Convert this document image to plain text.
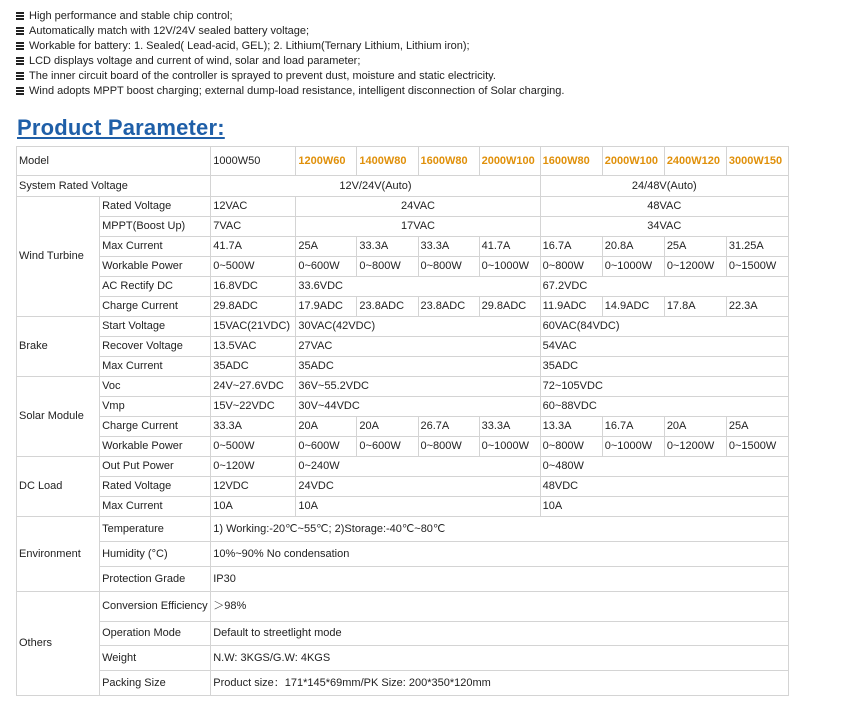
High performance and stable chip control;
Automatically match with 12V/24V sealed battery voltage;
Workable for battery: 1. Sealed( Lead-acid, GEL); 2. Lithium(Ternary Lithium, Lithium iron);
LCD displays voltage and current of wind, solar and load parameter;
The inner circuit board of the controller is sprayed to prevent dust, moisture and static electricity.
Wind adopts MPPT boost charging; external dump-load resistance, intelligent disconnection of Solar charging.
Product Parameter:
Model		1000W50	1200W60	1400W80	1600W80	2000W100	1600W80	2000W100	2400W120	3000W150
System Rated Voltage		12V/24V(Auto)					24/48V(Auto)			
Wind Turbine	Rated Voltage	12VAC	24VAC				48VAC			
	MPPT(Boost Up)	7VAC	17VAC				34VAC			
	Max Current	41.7A	25A	33.3A	33.3A	41.7A	16.7A	20.8A	25A	31.25A
	Workable Power	0~500W	0~600W	0~800W	0~800W	0~1000W	0~800W	0~1000W	0~1200W	0~1500W
	AC Rectify DC	16.8VDC	33.6VDC				67.2VDC			
	Charge Current	29.8ADC	17.9ADC	23.8ADC	23.8ADC	29.8ADC	11.9ADC	14.9ADC	17.8A	22.3A
Brake	Start Voltage	15VAC(21VDC)	30VAC(42VDC)				60VAC(84VDC)			
	Recover Voltage	13.5VAC	27VAC				54VAC			
	Max Current	35ADC	35ADC				35ADC			
Solar Module	Voc	24V~27.6VDC	36V~55.2VDC				72~105VDC			
	Vmp	15V~22VDC	30V~44VDC				60~88VDC			
	Charge Current	33.3A	20A	20A	26.7A	33.3A	13.3A	16.7A	20A	25A
	Workable Power	0~500W	0~600W	0~600W	0~800W	0~1000W	0~800W	0~1000W	0~1200W	0~1500W
DC Load	Out Put Power	0~120W	0~240W				0~480W			
	Rated Voltage	12VDC	24VDC				48VDC			
	Max Current	10A	10A				10A			
Environment	Temperature	1) Working:-20℃~55℃; 2)Storage:-40℃~80℃								
	Humidity (°C)	10%~90% No condensation								
	Protection Grade	IP30								
Others	Conversion Efficiency	＞98%								
	Operation Mode	Default to streetlight mode								
	Weight	N.W: 3KGS/G.W: 4KGS								
	Packing Size	Product size：171*145*69mm/PK Size: 200*350*120mm								
